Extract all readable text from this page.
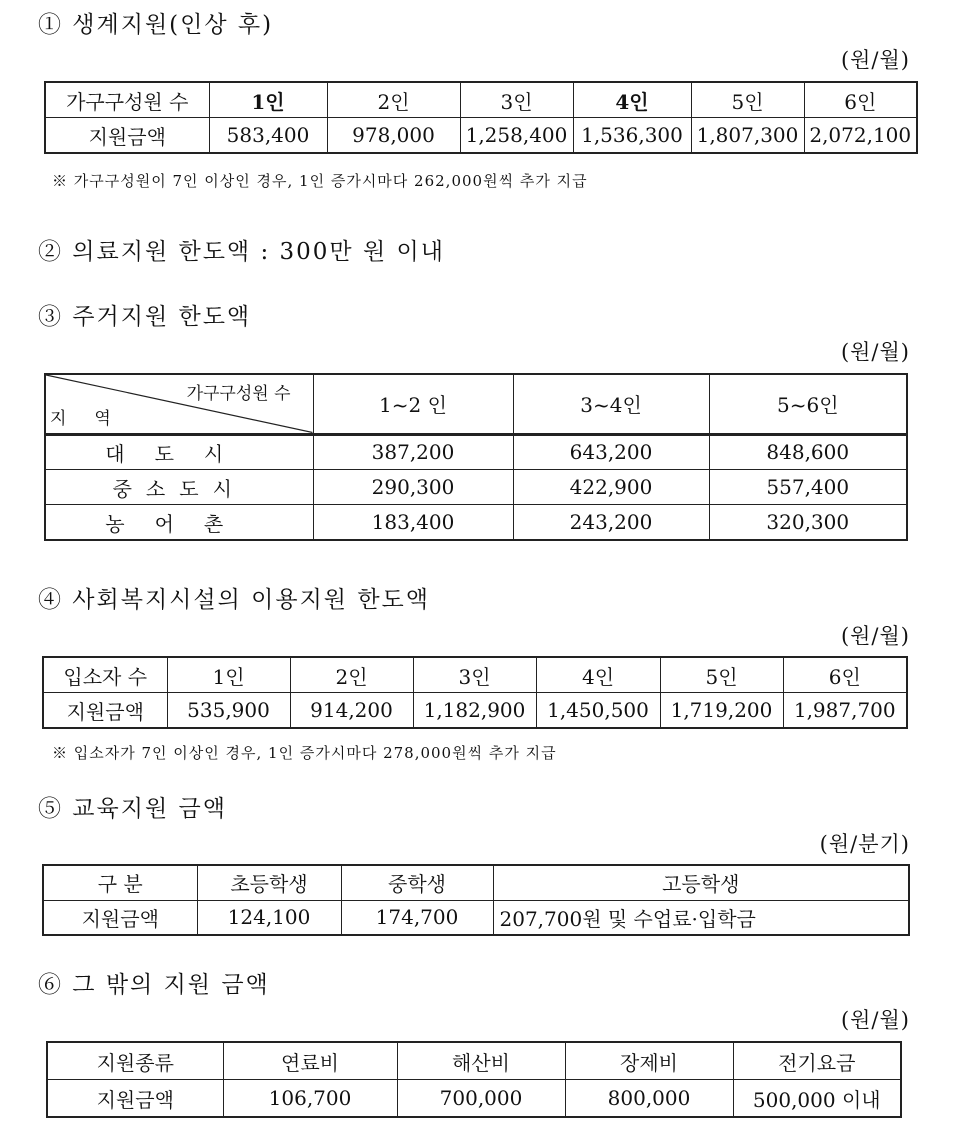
① 생계지원(인상 후)
(원/월)
가구구성원 수	1인	2인	3인	4인	5인	6인
지원금액	583,400	978,000	1,258,400	1,536,300	1,807,300	2,072,100
※ 가구구성원이 7인 이상인 경우, 1인 증가시마다 262,000원씩 추가 지급
② 의료지원 한도액 : 300만 원 이내
③ 주거지원 한도액
(원/월)
가구구성원 수
지역	1~2 인	3~4인	5~6인
대도시	387,200	643,200	848,600
중소도시	290,300	422,900	557,400
농어촌	183,400	243,200	320,300
④ 사회복지시설의 이용지원 한도액
(원/월)
입소자 수	1인	2인	3인	4인	5인	6인
지원금액	535,900	914,200	1,182,900	1,450,500	1,719,200	1,987,700
※ 입소자가 7인 이상인 경우, 1인 증가시마다 278,000원씩 추가 지급
⑤ 교육지원 금액
(원/분기)
구 분	초등학생	중학생	고등학생
지원금액	124,100	174,700	207,700원 및 수업료·입학금
⑥ 그 밖의 지원 금액
(원/월)
지원종류	연료비	해산비	장제비	전기요금
지원금액	106,700	700,000	800,000	500,000 이내
